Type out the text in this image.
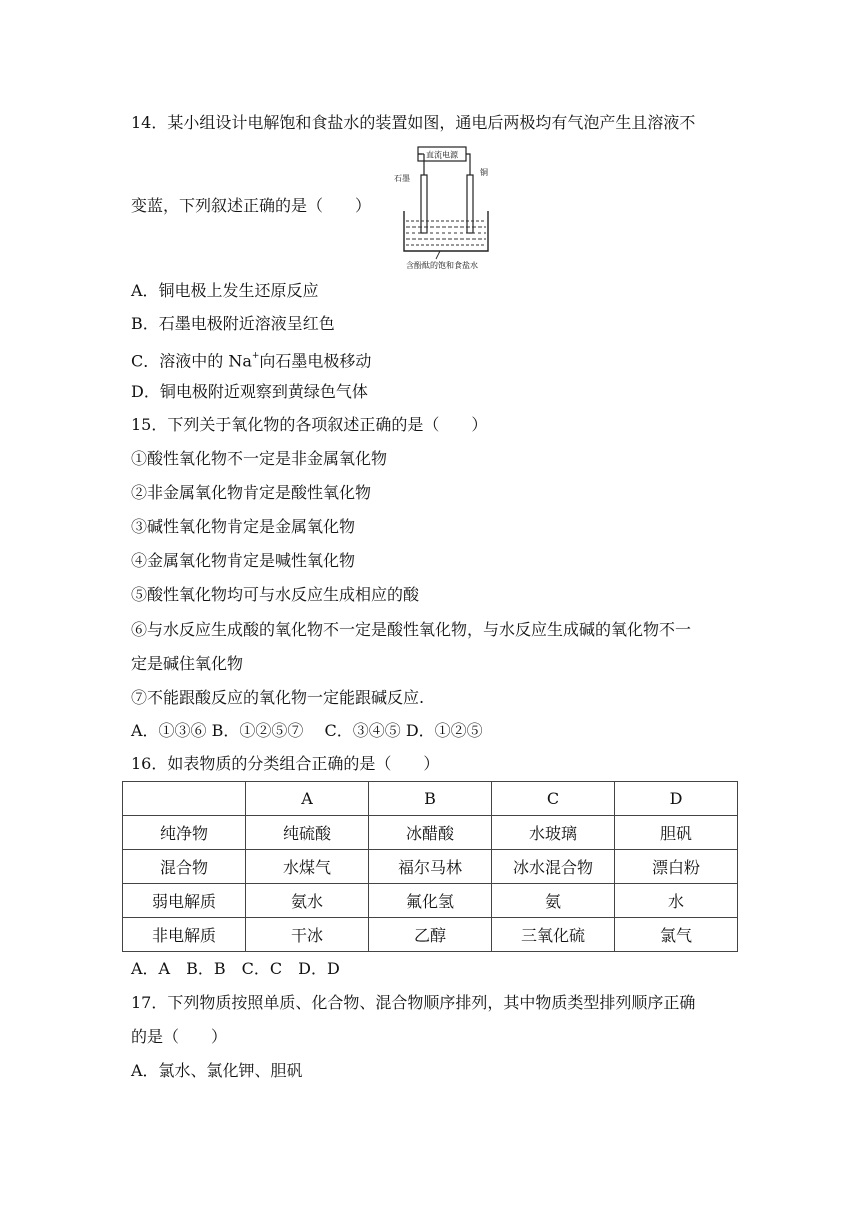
14．某小组设计电解饱和食盐水的装置如图，通电后两极均有气泡产生且溶液不
直流电源
石墨
铜
含酚酞的饱和食盐水
变蓝，下列叙述正确的是（　　）
A．铜电极上发生还原反应
B．石墨电极附近溶液呈红色
C．溶液中的 Na+向石墨电极移动
D．铜电极附近观察到黄绿色气体
15．下列关于氧化物的各项叙述正确的是（　　）
①酸性氧化物不一定是非金属氧化物
②非金属氧化物肯定是酸性氧化物
③碱性氧化物肯定是金属氧化物
④金属氧化物肯定是喊性氧化物
⑤酸性氧化物均可与水反应生成相应的酸
⑥与水反应生成酸的氧化物不一定是酸性氧化物，与水反应生成碱的氧化物不一
定是碱住氧化物
⑦不能跟酸反应的氧化物一定能跟碱反应.
A．①③⑥ B．①②⑤⑦　 C．③④⑤ D．①②⑤
16．如表物质的分类组合正确的是（　　）
	A	B	C	D
纯净物	纯硫酸	冰醋酸	水玻璃	胆矾
混合物	水煤气	福尔马林	冰水混合物	漂白粉
弱电解质	氨水	氟化氢	氨	水
非电解质	干冰	乙醇	三氧化硫	氯气
A．A　B．B　C．C　D．D
17．下列物质按照单质、化合物、混合物顺序排列，其中物质类型排列顺序正确
的是（　　）
A．氯水、氯化钾、胆矾
